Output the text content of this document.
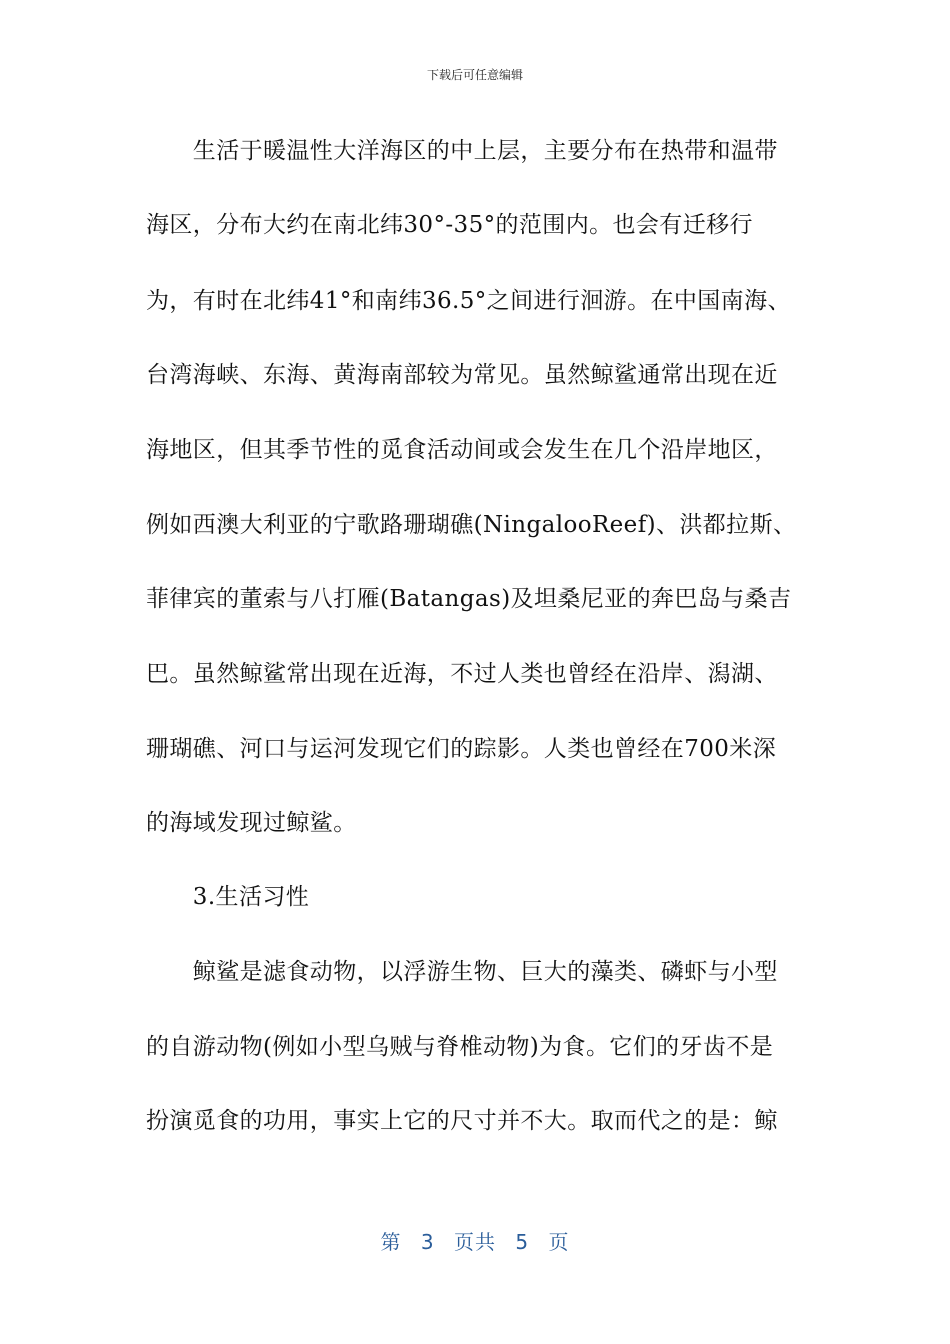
下载后可任意编辑
　　生活于暖温性大洋海区的中上层，主要分布在热带和温带
海区，分布大约在南北纬30°-35°的范围内。也会有迁移行
为，有时在北纬41°和南纬36.5°之间进行洄游。在中国南海、
台湾海峡、东海、黄海南部较为常见。虽然鲸鲨通常出现在近
海地区，但其季节性的觅食活动间或会发生在几个沿岸地区，
例如西澳大利亚的宁歌路珊瑚礁(NingalooReef)、洪都拉斯、
菲律宾的董索与八打雁(Batangas)及坦桑尼亚的奔巴岛与桑吉
巴。虽然鲸鲨常出现在近海，不过人类也曾经在沿岸、潟湖、
珊瑚礁、河口与运河发现它们的踪影。人类也曾经在700米深
的海域发现过鲸鲨。
　　3.生活习性
　　鲸鲨是滤食动物，以浮游生物、巨大的藻类、磷虾与小型
的自游动物(例如小型乌贼与脊椎动物)为食。它们的牙齿不是
扮演觅食的功用，事实上它的尺寸并不大。取而代之的是：鲸
第 3 页共 5 页
